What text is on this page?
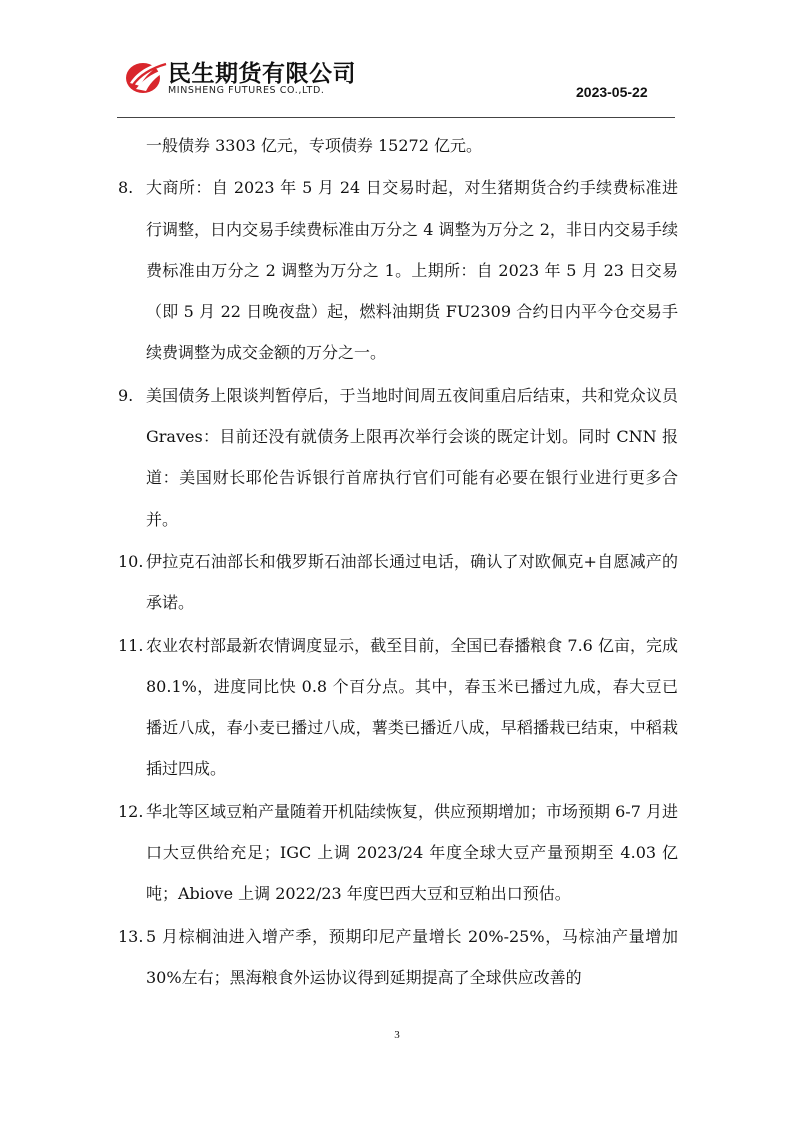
民生期货有限公司
MINSHENG FUTURES CO.,LTD.	2023-05-22
一般债券 3303 亿元，专项债券 15272 亿元。
8. 大商所：自 2023 年 5 月 24 日交易时起，对生猪期货合约手续费标准进行调整，日内交易手续费标准由万分之 4 调整为万分之 2，非日内交易手续费标准由万分之 2 调整为万分之 1。上期所：自 2023 年 5 月 23 日交易（即 5 月 22 日晚夜盘）起，燃料油期货 FU2309 合约日内平今仓交易手续费调整为成交金额的万分之一。
9. 美国债务上限谈判暂停后，于当地时间周五夜间重启后结束，共和党众议员 Graves：目前还没有就债务上限再次举行会谈的既定计划。同时 CNN 报道：美国财长耶伦告诉银行首席执行官们可能有必要在银行业进行更多合并。
10. 伊拉克石油部长和俄罗斯石油部长通过电话，确认了对欧佩克+自愿减产的承诺。
11. 农业农村部最新农情调度显示，截至目前，全国已春播粮食 7.6 亿亩，完成 80.1%，进度同比快 0.8 个百分点。其中，春玉米已播过九成，春大豆已播近八成，春小麦已播过八成，薯类已播近八成，早稻播栽已结束，中稻栽插过四成。
12. 华北等区域豆粕产量随着开机陆续恢复，供应预期增加；市场预期 6-7 月进口大豆供给充足；IGC 上调 2023/24 年度全球大豆产量预期至 4.03 亿吨；Abiove 上调 2022/23 年度巴西大豆和豆粕出口预估。
13. 5 月棕榈油进入增产季，预期印尼产量增长 20%-25%，马棕油产量增加 30%左右；黑海粮食外运协议得到延期提高了全球供应改善的
3
